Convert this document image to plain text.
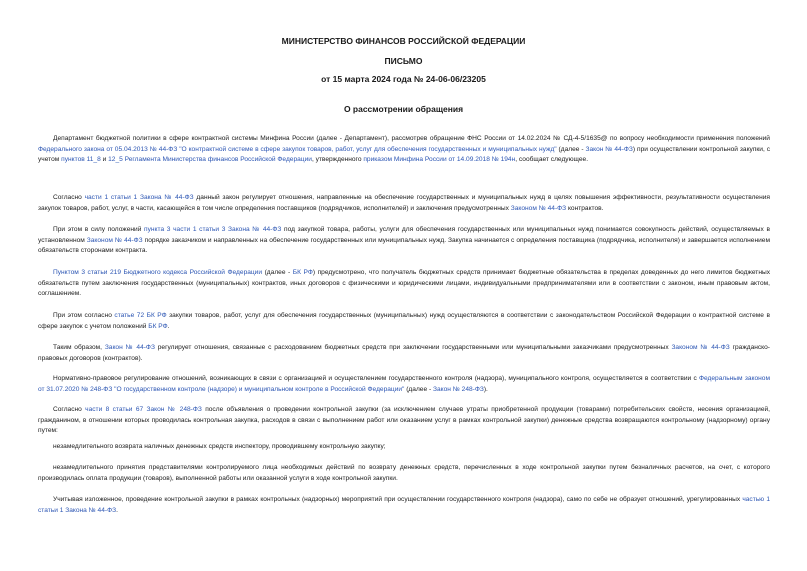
МИНИСТЕРСТВО ФИНАНСОВ РОССИЙСКОЙ ФЕДЕРАЦИИ
ПИСЬМО
от 15 марта 2024 года № 24-06-06/23205
О рассмотрении обращения

Департамент бюджетной политики в сфере контрактной системы Минфина России (далее - Департамент), рассмотрев обращение ФНС России от 14.02.2024 № СД-4-5/1635@ по вопросу необходимости применения положений Федерального закона от 05.04.2013 № 44-ФЗ "О контрактной системе в сфере закупок товаров, работ, услуг для обеспечения государственных и муниципальных нужд" (далее - Закон № 44-ФЗ) при осуществлении контрольной закупки, с учетом пунктов 11_8 и 12_5 Регламента Министерства финансов Российской Федерации, утвержденного приказом Минфина России от 14.09.2018 № 194н, сообщает следующее.

Согласно части 1 статьи 1 Закона № 44-ФЗ данный закон регулирует отношения, направленные на обеспечение государственных и муниципальных нужд в целях повышения эффективности, результативности осуществления закупок товаров, работ, услуг, в части, касающейся в том числе определения поставщиков (подрядчиков, исполнителей) и заключения предусмотренных Законом № 44-ФЗ контрактов.

При этом в силу положений пункта 3 части 1 статьи 3 Закона № 44-ФЗ под закупкой товара, работы, услуги для обеспечения государственных или муниципальных нужд понимается совокупность действий, осуществляемых в установленном Законом № 44-ФЗ порядке заказчиком и направленных на обеспечение государственных или муниципальных нужд. Закупка начинается с определения поставщика (подрядчика, исполнителя) и завершается исполнением обязательств сторонами контракта.

Пунктом 3 статьи 219 Бюджетного кодекса Российской Федерации (далее - БК РФ) предусмотрено, что получатель бюджетных средств принимает бюджетные обязательства в пределах доведенных до него лимитов бюджетных обязательств путем заключения государственных (муниципальных) контрактов, иных договоров с физическими и юридическими лицами, индивидуальными предпринимателями или в соответствии с законом, иным правовым актом, соглашением.

При этом согласно статье 72 БК РФ закупки товаров, работ, услуг для обеспечения государственных (муниципальных) нужд осуществляются в соответствии с законодательством Российской Федерации о контрактной системе в сфере закупок с учетом положений БК РФ.

Таким образом, Закон № 44-ФЗ регулирует отношения, связанные с расходованием бюджетных средств при заключении государственными или муниципальными заказчиками предусмотренных Законом № 44-ФЗ гражданско-правовых договоров (контрактов).

Нормативно-правовое регулирование отношений, возникающих в связи с организацией и осуществлением государственного контроля (надзора), муниципального контроля, осуществляется в соответствии с Федеральным законом от 31.07.2020 № 248-ФЗ "О государственном контроле (надзоре) и муниципальном контроле в Российской Федерации" (далее - Закон № 248-ФЗ).

Согласно части 8 статьи 67 Закон № 248-ФЗ после объявления о проведении контрольной закупки (за исключением случаев утраты приобретенной продукции (товарами) потребительских свойств, несения организацией, гражданином, в отношении которых проводилась контрольная закупка, расходов в связи с выполнением работ или оказанием услуг в рамках контрольной закупки) денежные средства возвращаются контрольному (надзорному) органу путем:

незамедлительного возврата наличных денежных средств инспектору, проводившему контрольную закупку;

незамедлительного принятия представителями контролируемого лица необходимых действий по возврату денежных средств, перечисленных в ходе контрольной закупки путем безналичных расчетов, на счет, с которого производилась оплата продукции (товаров), выполненной работы или оказанной услуги в ходе контрольной закупки.

Учитывая изложенное, проведение контрольной закупки в рамках контрольных (надзорных) мероприятий при осуществлении государственного контроля (надзора), само по себе не образует отношений, урегулированных частью 1 статьи 1 Закона № 44-ФЗ.
